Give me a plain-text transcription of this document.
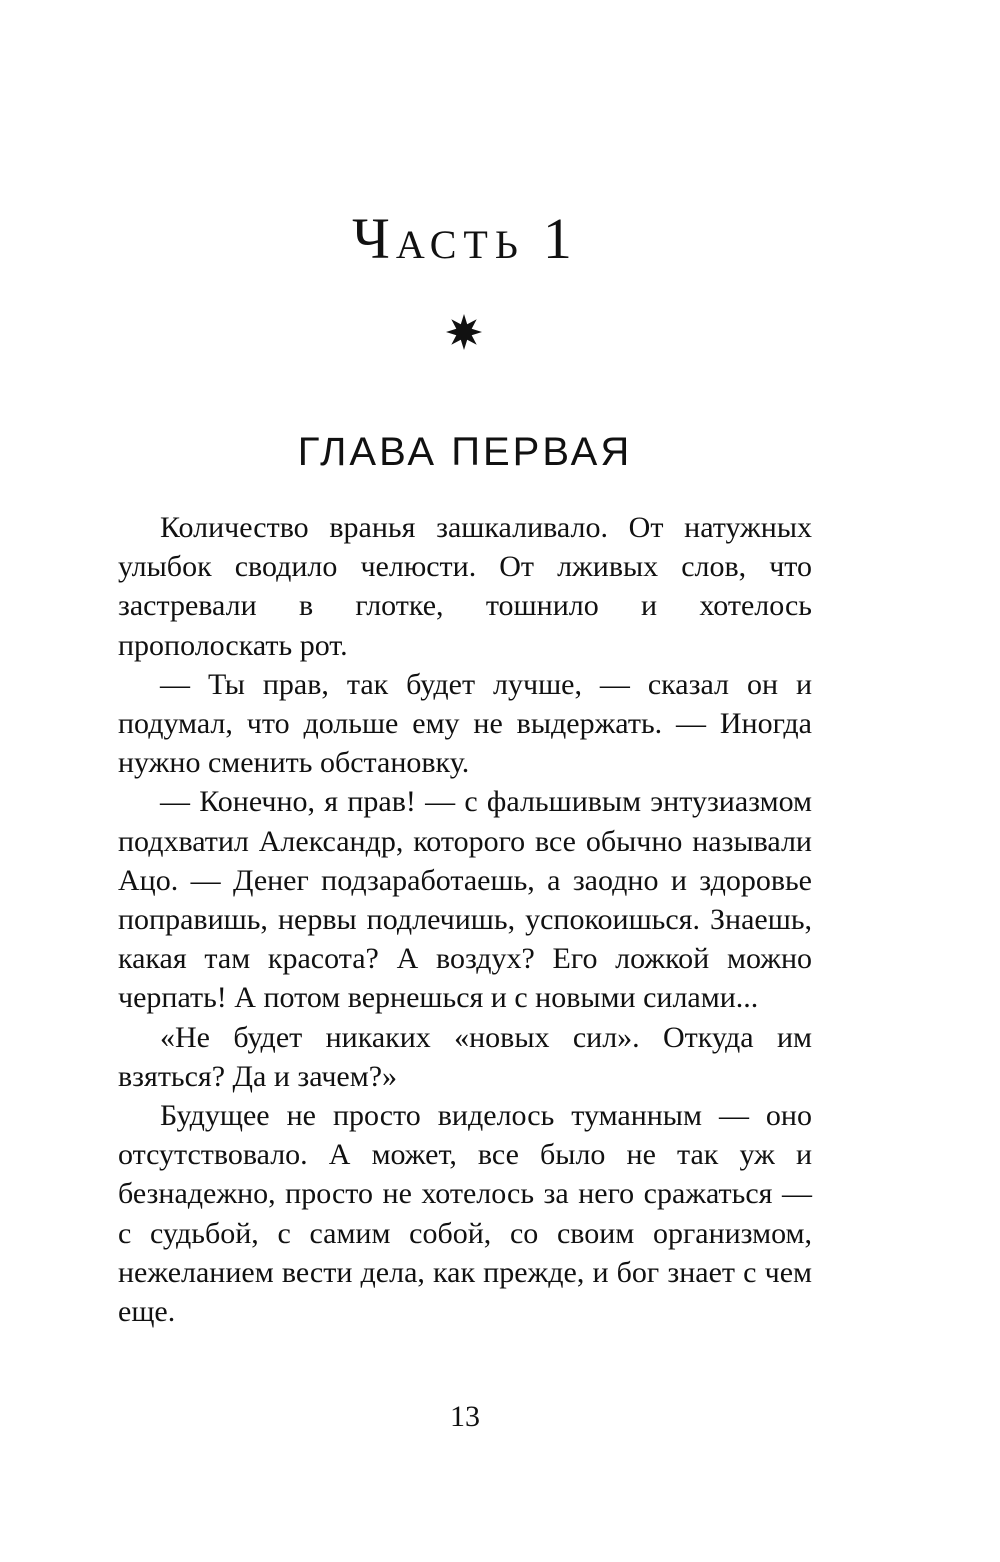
ЧАСТЬ 1
ГЛАВА ПЕРВАЯ

Количество вранья зашкаливало. От натужных улыбок сводило челюсти. От лживых слов, что застревали в глотке, тошнило и хотелось прополоскать рот.

— Ты прав, так будет лучше, — сказал он и подумал, что дольше ему не выдержать. — Иногда нужно сменить обстановку.

— Конечно, я прав! — с фальшивым энтузиазмом подхватил Александр, которого все обычно называли Ацо. — Денег подзаработаешь, а заодно и здоровье поправишь, нервы подлечишь, успокоишься. Знаешь, какая там красота? А воздух? Его ложкой можно черпать! А потом вернешься и с новыми силами...

«Не будет никаких «новых сил». Откуда им взяться? Да и зачем?»

Будущее не просто виделось туманным — оно отсутствовало. А может, все было не так уж и безнадежно, просто не хотелось за него сражаться — с судьбой, с самим собой, со своим организмом, нежеланием вести дела, как прежде, и бог знает с чем еще.

13
